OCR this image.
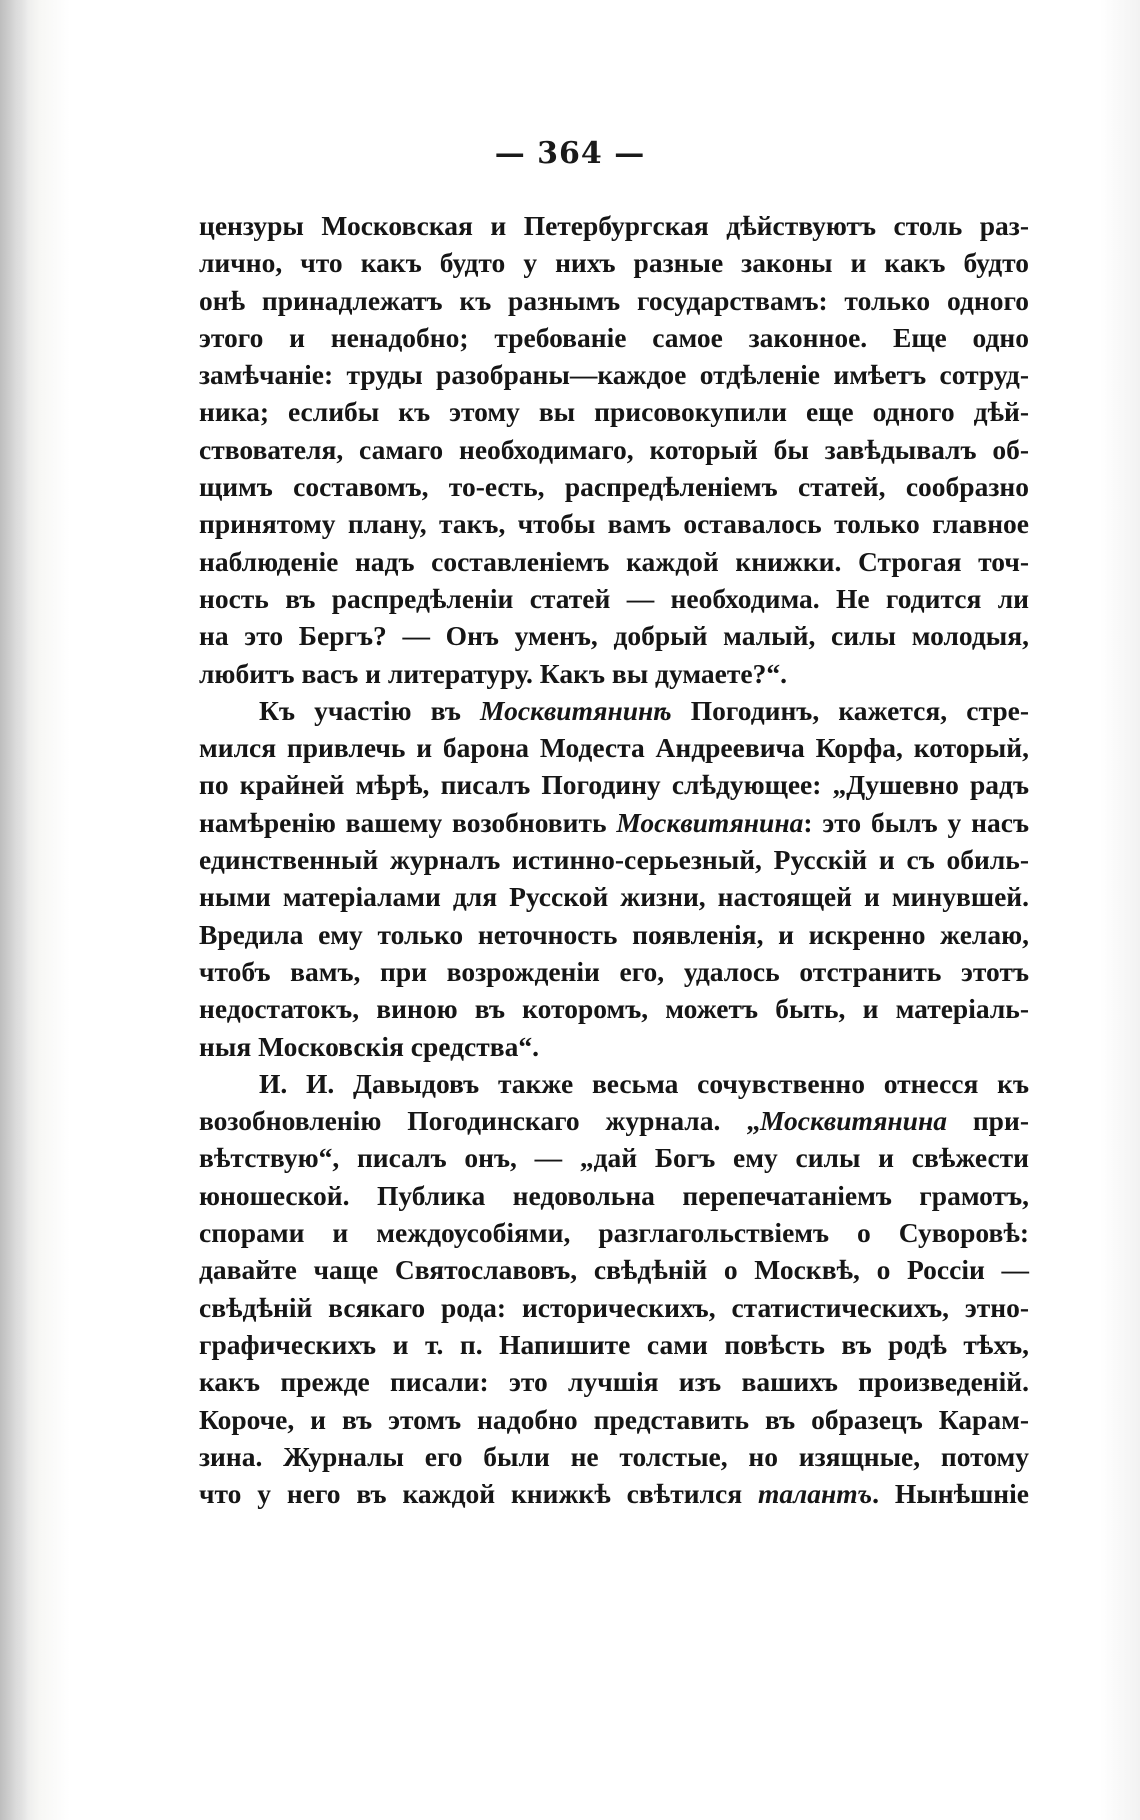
— 364 —
цензуры Московская и Петербургская дѣйствуютъ столь раз-
лично, что какъ будто у нихъ разные законы и какъ будто
онѣ принадлежатъ къ разнымъ государствамъ: только одного
этого и ненадобно; требованіе самое законное. Еще одно
замѣчаніе: труды разобраны—каждое отдѣленіе имѣетъ сотруд-
ника; еслибы къ этому вы присовокупили еще одного дѣй-
ствователя, самаго необходимаго, который бы завѣдывалъ об-
щимъ составомъ, то-есть, распредѣленіемъ статей, сообразно
принятому плану, такъ, чтобы вамъ оставалось только главное
наблюденіе надъ составленіемъ каждой книжки. Строгая точ-
ность въ распредѣленіи статей — необходима. Не годится ли
на это Бергъ? — Онъ уменъ, добрый малый, силы молодыя,
любитъ васъ и литературу. Какъ вы думаете?“.
Къ участію въ Москвитянинѣ Погодинъ, кажется, стре-
мился привлечь и барона Модеста Андреевича Корфа, который,
по крайней мѣрѣ, писалъ Погодину слѣдующее: „Душевно радъ
намѣренію вашему возобновить Москвитянина: это былъ у насъ
единственный журналъ истинно-серьезный, Русскій и съ обиль-
ными матеріалами для Русской жизни, настоящей и минувшей.
Вредила ему только неточность появленія, и искренно желаю,
чтобъ вамъ, при возрожденіи его, удалось отстранить этотъ
недостатокъ, виною въ которомъ, можетъ быть, и матеріаль-
ныя Московскія средства“.
И. И. Давыдовъ также весьма сочувственно отнесся къ
возобновленію Погодинскаго журнала. „Москвитянина при-
вѣтствую“, писалъ онъ, — „дай Богъ ему силы и свѣжести
юношеской. Публика недовольна перепечатаніемъ грамотъ,
спорами и междоусобіями, разглагольствіемъ о Суворовѣ:
давайте чаще Святославовъ, свѣдѣній о Москвѣ, о Россіи —
свѣдѣній всякаго рода: историческихъ, статистическихъ, этно-
графическихъ и т. п. Напишите сами повѣсть въ родѣ тѣхъ,
какъ прежде писали: это лучшія изъ вашихъ произведеній.
Короче, и въ этомъ надобно представить въ образецъ Карам-
зина. Журналы его были не толстые, но изящные, потому
что у него въ каждой книжкѣ свѣтился талантъ. Нынѣшніе
